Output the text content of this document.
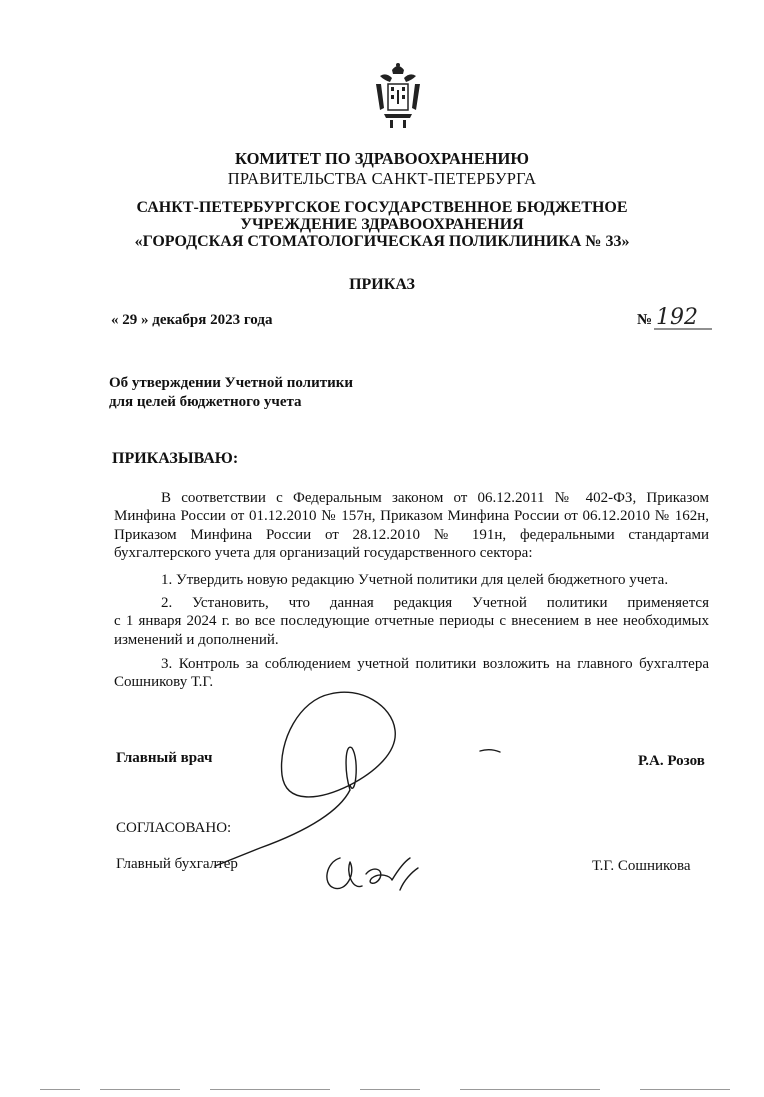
КОМИТЕТ ПО ЗДРАВООХРАНЕНИЮ
ПРАВИТЕЛЬСТВА САНКТ-ПЕТЕРБУРГА
САНКТ-ПЕТЕРБУРГСКОЕ ГОСУДАРСТВЕННОЕ БЮДЖЕТНОЕ
УЧРЕЖДЕНИЕ ЗДРАВООХРАНЕНИЯ
«ГОРОДСКАЯ СТОМАТОЛОГИЧЕСКАЯ ПОЛИКЛИНИКА № 33»
ПРИКАЗ
« 29 » декабря 2023 года	№ 192
Об утверждении Учетной политики
для целей бюджетного учета
ПРИКАЗЫВАЮ:
В соответствии с Федеральным законом от 06.12.2011 № 402-ФЗ, Приказом
Минфина России от 01.12.2010 № 157н, Приказом Минфина России от 06.12.2010 № 162н,
Приказом Минфина России от 28.12.2010 № 191н, федеральными стандартами
бухгалтерского учета для организаций государственного сектора:
1. Утвердить новую редакцию Учетной политики для целей бюджетного учета.
2. Установить, что данная редакция Учетной политики применяется
с 1 января 2024 г. во все последующие отчетные периоды с внесением в нее необходимых
изменений и дополнений.
3. Контроль за соблюдением учетной политики возложить на главного бухгалтера
Сошникову Т.Г.
Главный врач	Р.А. Розов
СОГЛАСОВАНО:
Главный бухгалтер	Т.Г. Сошникова
